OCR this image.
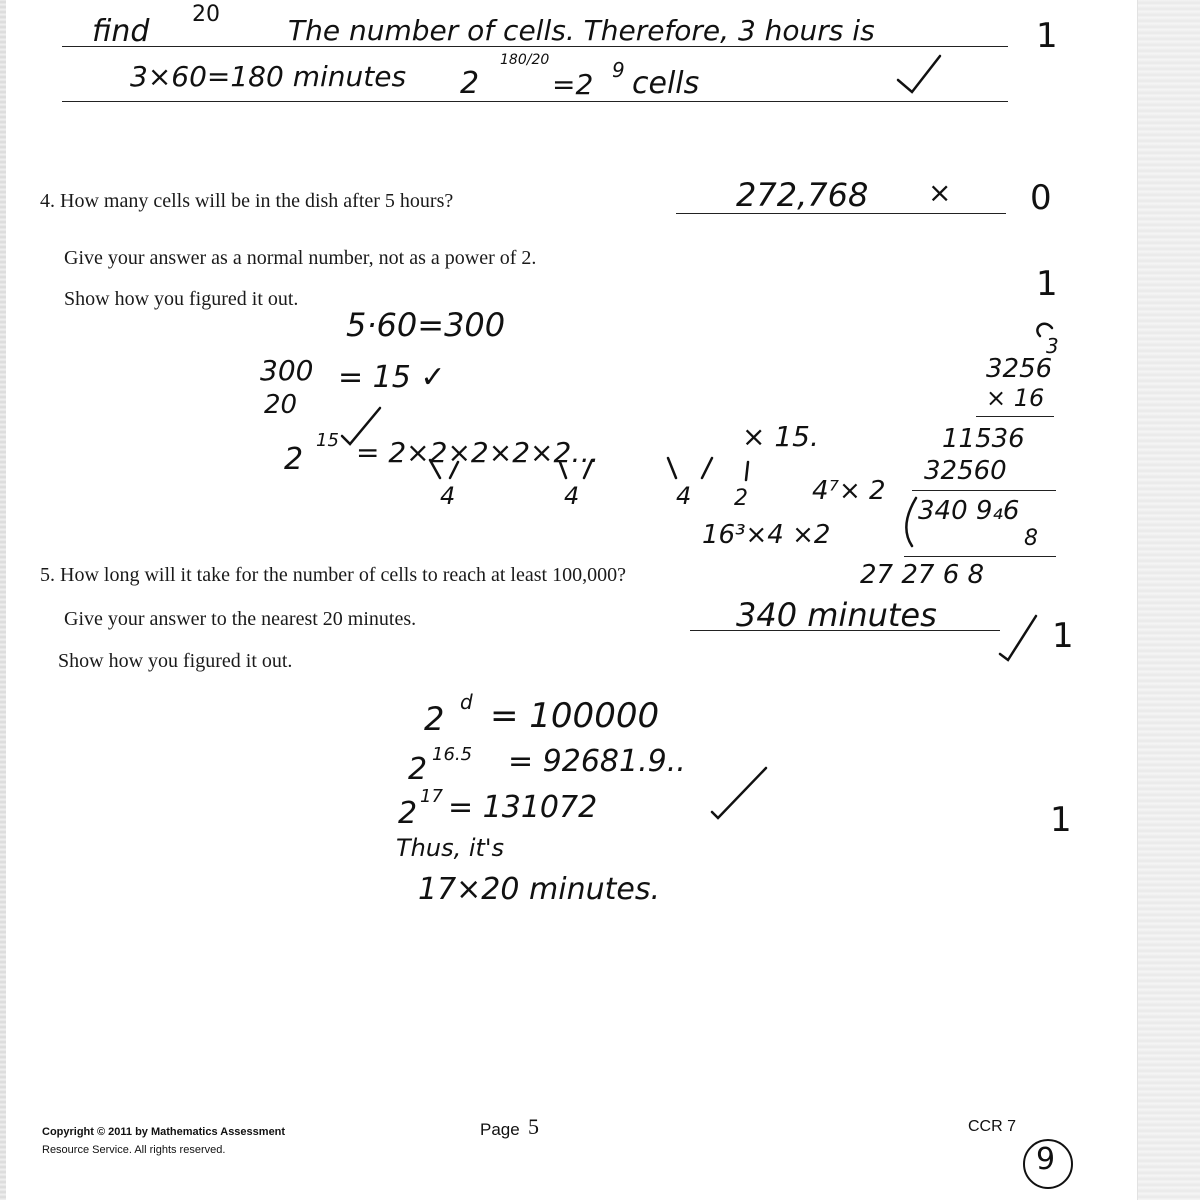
find 20 The number of cells. Therefore, 3 hours is	1
3×60=180 minutes 2
180/20
=2 9 cells
4. How many cells will be in the dish after 5 hours?	272,768 × 0
Give your answer as a normal number, not as a power of 2.
Show how you figured it out.	1
5·60=300
300
20
= 15 ✓
2
15 = 2×2×2×2×2…	× 15.
4	4	4 2 4⁷× 2
16³×4 ×2
3
3256
× 16
11536
32560
340 9₄6
8
27 27 6 8
5. How long will it take for the number of cells to reach at least 100,000?
Give your answer to the nearest 20 minutes.
Show how you figured it out.
340 minutes
1
2 d = 100000
2 16.5 = 92681.9..
2 17 = 131072
Thus, it's
17×20 minutes.
1
Copyright © 2011 by Mathematics Assessment
Resource Service. All rights reserved.
Page 5	CCR 7
9
